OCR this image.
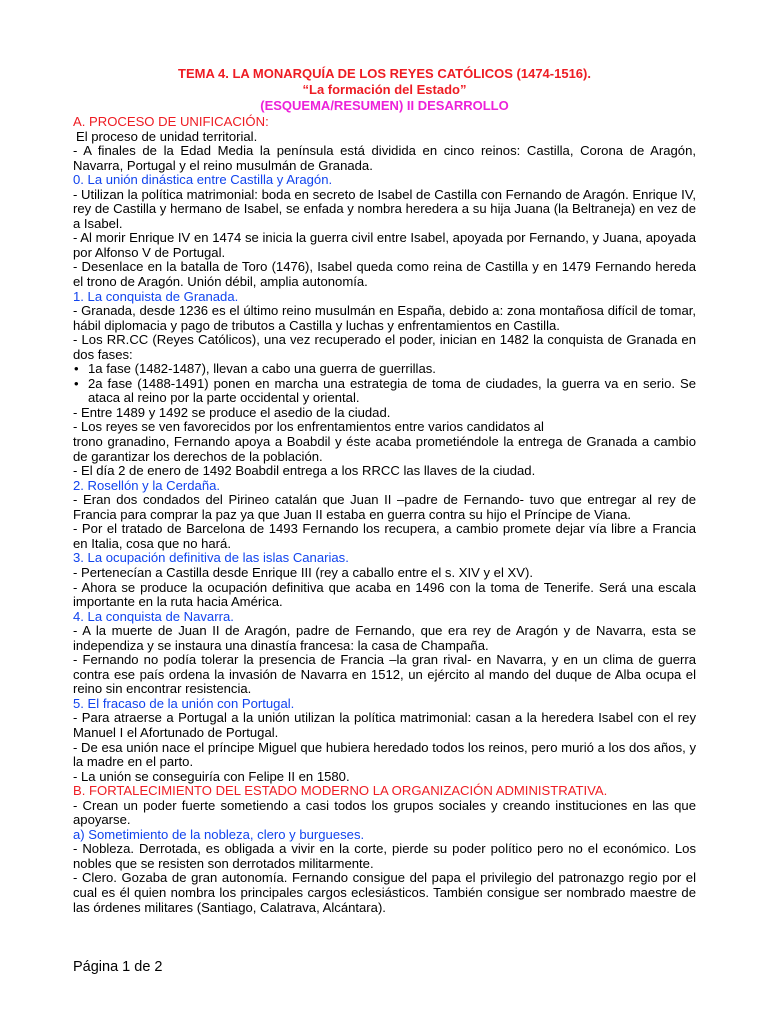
TEMA 4. LA MONARQUÍA DE LOS REYES CATÓLICOS (1474-1516).
“La formación del Estado”
(ESQUEMA/RESUMEN) II DESARROLLO

A. PROCESO DE UNIFICACIÓN:

El proceso de unidad territorial.

- A finales de la Edad Media la península está dividida en cinco reinos: Castilla, Corona de Aragón, Navarra, Portugal y el reino musulmán de Granada.

0. La unión dinástica entre Castilla y Aragón.

- Utilizan la política matrimonial: boda en secreto de Isabel de Castilla con Fernando de Aragón. Enrique IV, rey de Castilla y hermano de Isabel, se enfada y nombra heredera a su hija Juana (la Beltraneja) en vez de a Isabel.

- Al morir Enrique IV en 1474 se inicia la guerra civil entre Isabel, apoyada por Fernando, y Juana, apoyada por Alfonso V de Portugal.

- Desenlace en la batalla de Toro (1476), Isabel queda como reina de Castilla y en 1479 Fernando hereda el trono de Aragón. Unión débil, amplia autonomía.

1. La conquista de Granada.

- Granada, desde 1236 es el último reino musulmán en España, debido a: zona montañosa difícil de tomar, hábil diplomacia y pago de tributos a Castilla y luchas y enfrentamientos en Castilla.

- Los RR.CC (Reyes Católicos), una vez recuperado el poder, inician en 1482 la conquista de Granada en dos fases:

• 1a fase (1482-1487), llevan a cabo una guerra de guerrillas.
• 2a fase (1488-1491) ponen en marcha una estrategia de toma de ciudades, la guerra va en serio. Se ataca al reino por la parte occidental y oriental.

- Entre 1489 y 1492 se produce el asedio de la ciudad.

- Los reyes se ven favorecidos por los enfrentamientos entre varios candidatos al

trono granadino, Fernando apoya a Boabdil y éste acaba prometiéndole la entrega de Granada a cambio de garantizar los derechos de la población.

- El día 2 de enero de 1492 Boabdil entrega a los RRCC las llaves de la ciudad.

2. Rosellón y la Cerdaña.

- Eran dos condados del Pirineo catalán que Juan II –padre de Fernando- tuvo que entregar al rey de Francia para comprar la paz ya que Juan II estaba en guerra contra su hijo el Príncipe de Viana.

- Por el tratado de Barcelona de 1493 Fernando los recupera, a cambio promete dejar vía libre a Francia en Italia, cosa que no hará.

3. La ocupación definitiva de las islas Canarias.

- Pertenecían a Castilla desde Enrique III (rey a caballo entre el s. XIV y el XV).

- Ahora se produce la ocupación definitiva que acaba en 1496 con la toma de Tenerife. Será una escala importante en la ruta hacia América.

4. La conquista de Navarra.

- A la muerte de Juan II de Aragón, padre de Fernando, que era rey de Aragón y de Navarra, esta se independiza y se instaura una dinastía francesa: la casa de Champaña.

- Fernando no podía tolerar la presencia de Francia –la gran rival- en Navarra, y en un clima de guerra contra ese país ordena la invasión de Navarra en 1512, un ejército al mando del duque de Alba ocupa el reino sin encontrar resistencia.

5. El fracaso de la unión con Portugal.

- Para atraerse a Portugal a la unión utilizan la política matrimonial: casan a la heredera Isabel con el rey Manuel I el Afortunado de Portugal.

- De esa unión nace el príncipe Miguel que hubiera heredado todos los reinos, pero murió a los dos años, y la madre en el parto.

- La unión se conseguiría con Felipe II en 1580.

B. FORTALECIMIENTO DEL ESTADO MODERNO LA ORGANIZACIÓN ADMINISTRATIVA.

- Crean un poder fuerte sometiendo a casi todos los grupos sociales y creando instituciones en las que apoyarse.

a) Sometimiento de la nobleza, clero y burgueses.

- Nobleza. Derrotada, es obligada a vivir en la corte, pierde su poder político pero no el económico. Los nobles que se resisten son derrotados militarmente.

- Clero. Gozaba de gran autonomía. Fernando consigue del papa el privilegio del patronazgo regio por el cual es él quien nombra los principales cargos eclesiásticos. También consigue ser nombrado maestre de las órdenes militares (Santiago, Calatrava, Alcántara).

Página 1 de 2
